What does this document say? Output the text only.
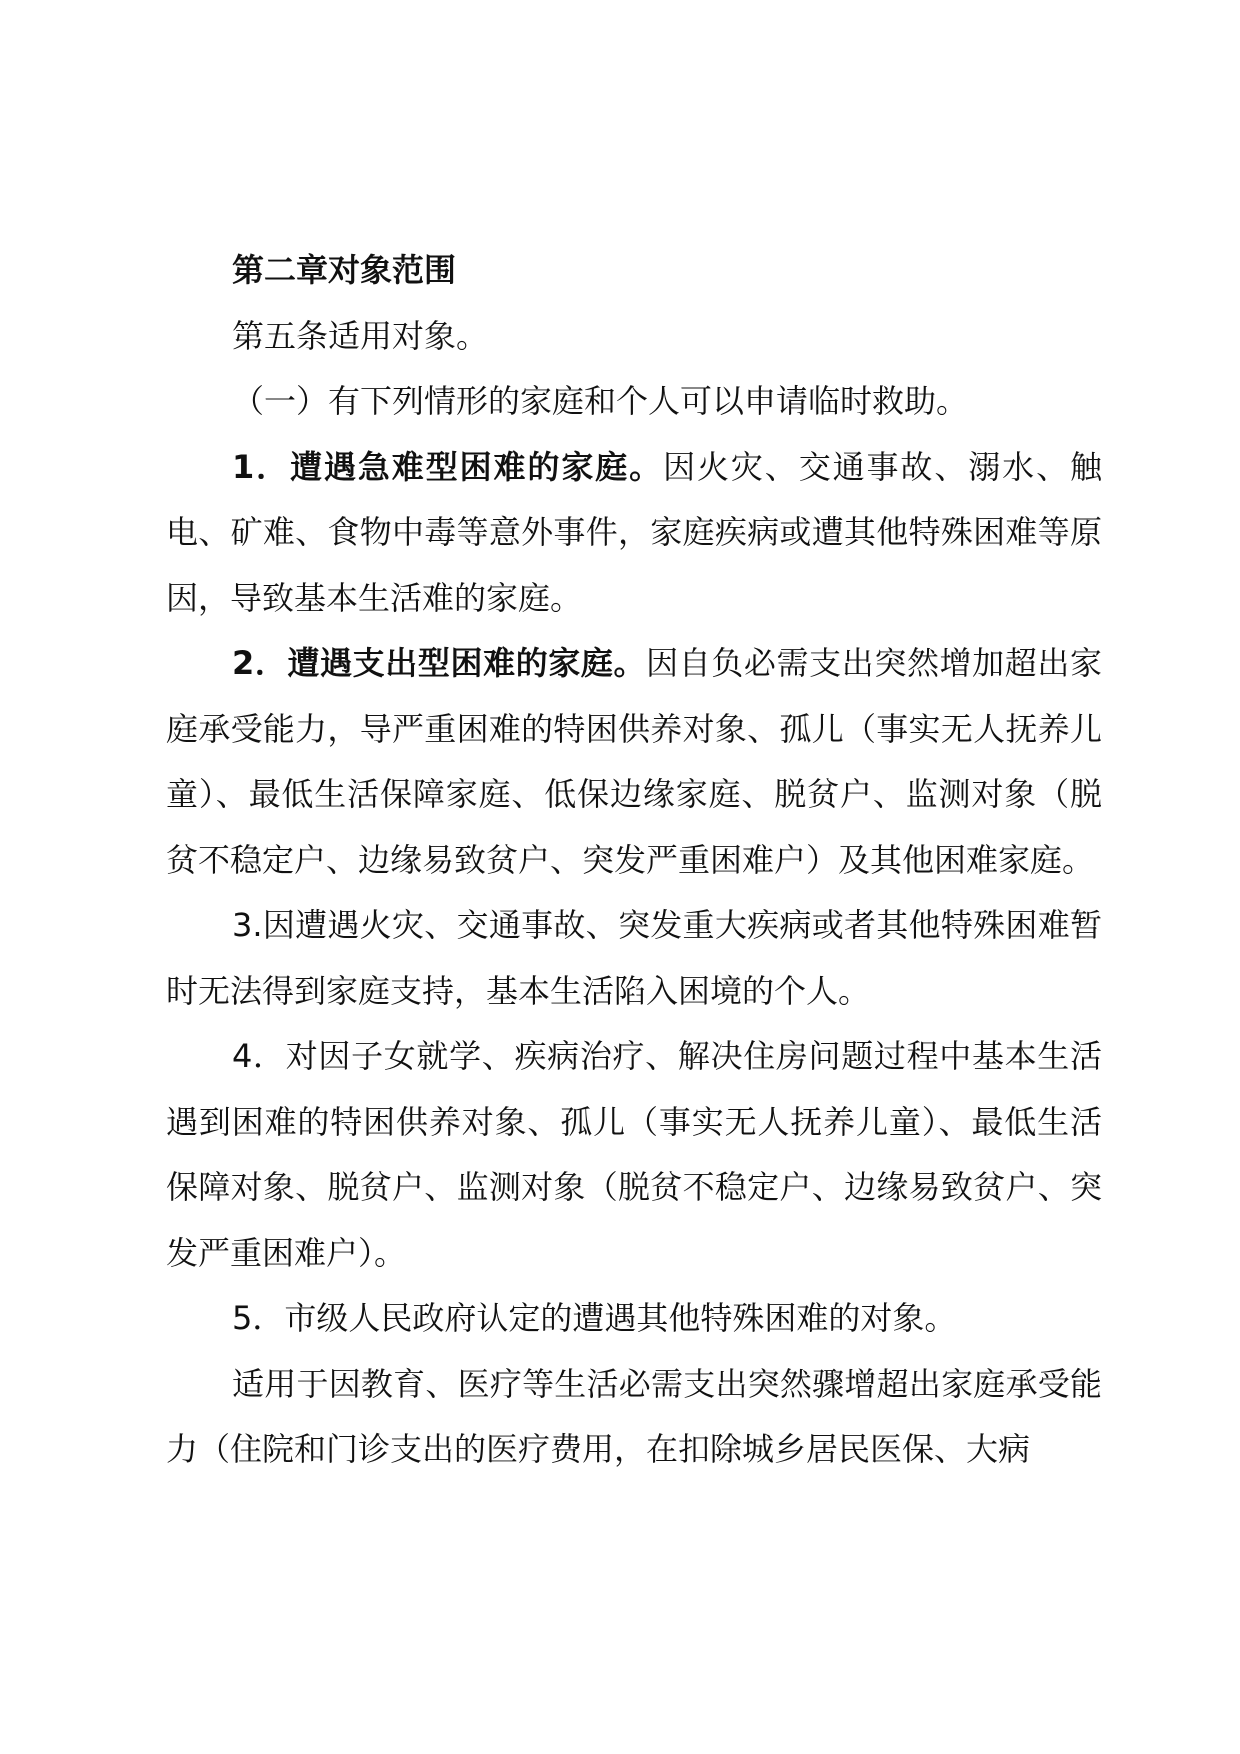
第二章对象范围

第五条适用对象。

（一）有下列情形的家庭和个人可以申请临时救助。

1．遭遇急难型困难的家庭。因火灾、交通事故、溺水、触电、矿难、食物中毒等意外事件，家庭疾病或遭其他特殊困难等原因，导致基本生活难的家庭。

2．遭遇支出型困难的家庭。因自负必需支出突然增加超出家庭承受能力，导严重困难的特困供养对象、孤儿（事实无人抚养儿童）、最低生活保障家庭、低保边缘家庭、脱贫户、监测对象（脱贫不稳定户、边缘易致贫户、突发严重困难户）及其他困难家庭。

3.因遭遇火灾、交通事故、突发重大疾病或者其他特殊困难暂时无法得到家庭支持，基本生活陷入困境的个人。

4．对因子女就学、疾病治疗、解决住房问题过程中基本生活遇到困难的特困供养对象、孤儿（事实无人抚养儿童）、最低生活保障对象、脱贫户、监测对象（脱贫不稳定户、边缘易致贫户、突发严重困难户）。

5．市级人民政府认定的遭遇其他特殊困难的对象。

适用于因教育、医疗等生活必需支出突然骤增超出家庭承受能力（住院和门诊支出的医疗费用，在扣除城乡居民医保、大病
